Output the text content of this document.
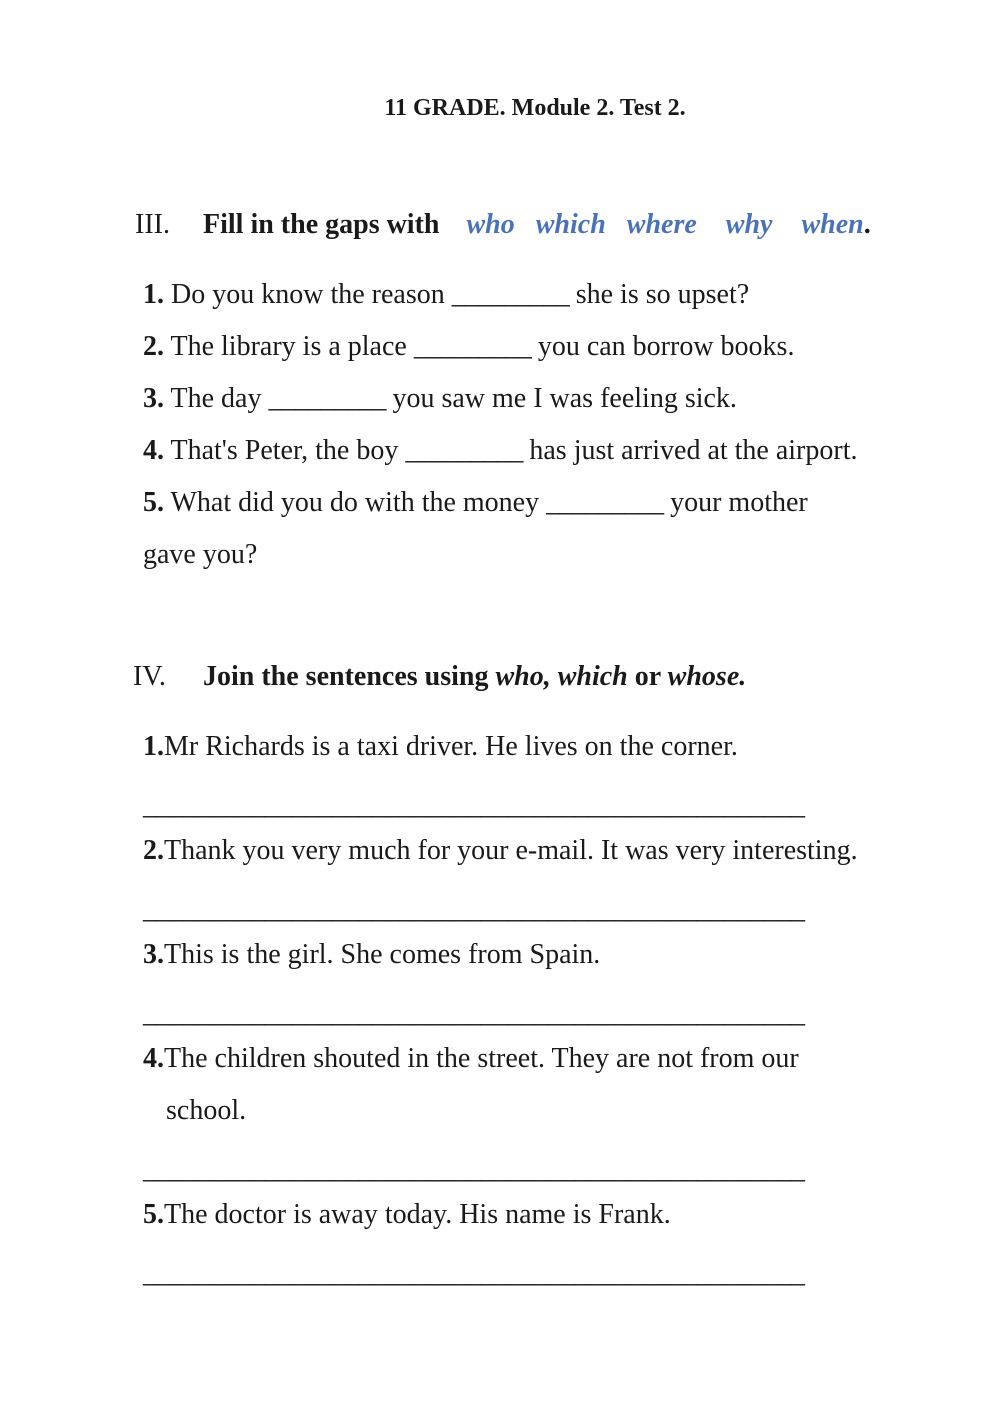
11 GRADE. Module 2. Test 2.
III. Fill in the gaps with who which where why when.
1. Do you know the reason _________ she is so upset?
2. The library is a place _________ you can borrow books.
3. The day _________ you saw me I was feeling sick.
4. That's Peter, the boy _________ has just arrived at the airport.
5. What did you do with the money _________ your mother
gave you?
IV. Join the sentences using who, which or whose.
1.Mr Richards is a taxi driver. He lives on the corner.
_________________________________________________
2.Thank you very much for your e-mail. It was very interesting.
_________________________________________________
3.This is the girl. She comes from Spain.
_________________________________________________
4.The children shouted in the street. They are not from our
school.
_________________________________________________
5.The doctor is away today. His name is Frank.
_________________________________________________
